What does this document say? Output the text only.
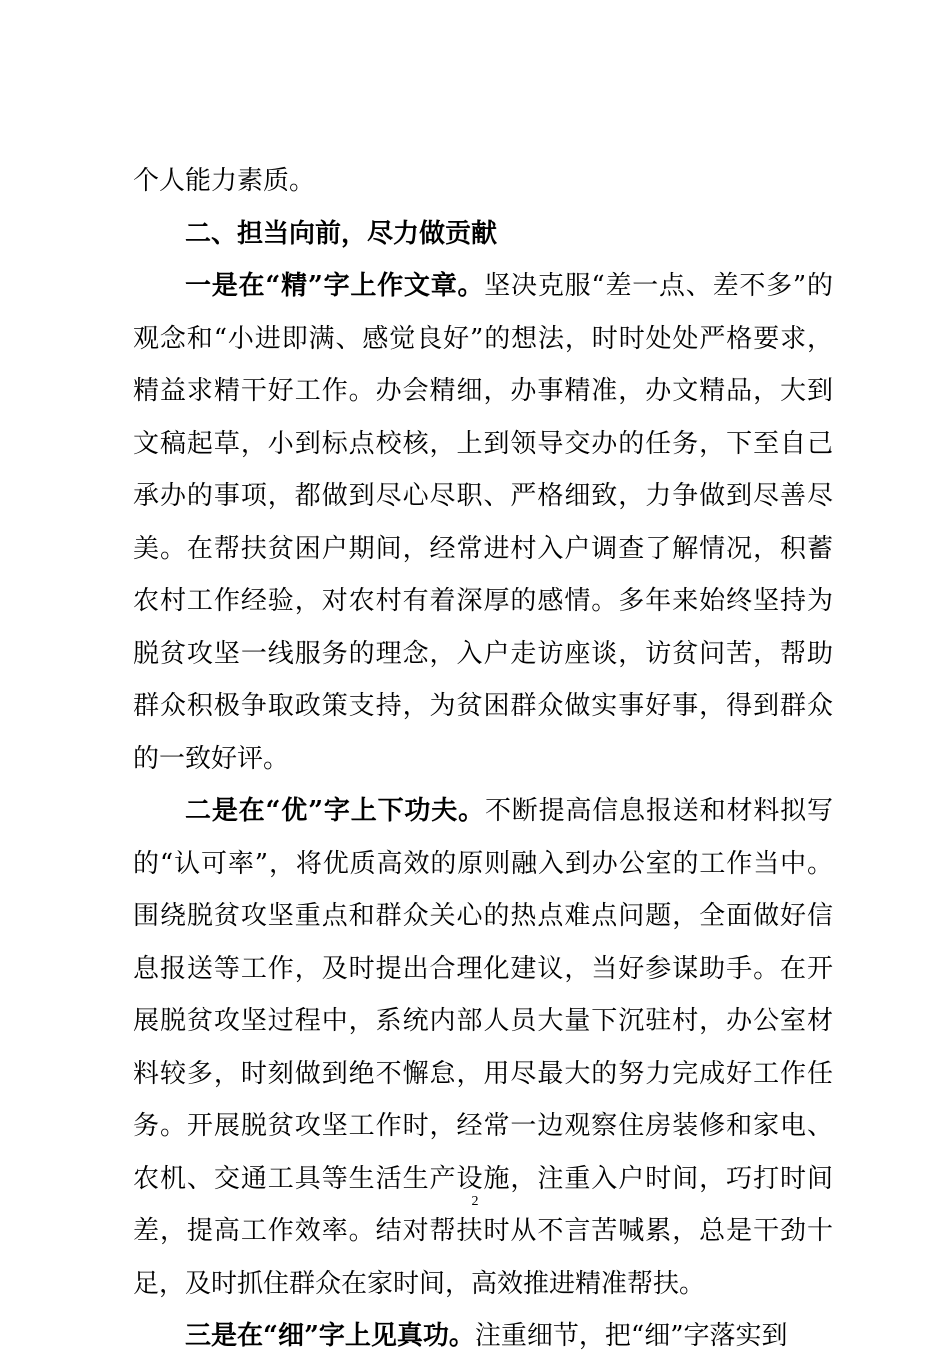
个人能力素质。

二、担当向前，尽力做贡献

一是在“精”字上作文章。坚决克服“差一点、差不多”的观念和“小进即满、感觉良好”的想法，时时处处严格要求，精益求精干好工作。办会精细，办事精准，办文精品，大到文稿起草，小到标点校核，上到领导交办的任务，下至自己承办的事项，都做到尽心尽职、严格细致，力争做到尽善尽美。在帮扶贫困户期间，经常进村入户调查了解情况，积蓄农村工作经验，对农村有着深厚的感情。多年来始终坚持为脱贫攻坚一线服务的理念，入户走访座谈，访贫问苦，帮助群众积极争取政策支持，为贫困群众做实事好事，得到群众的一致好评。

二是在“优”字上下功夫。不断提高信息报送和材料拟写的“认可率”，将优质高效的原则融入到办公室的工作当中。围绕脱贫攻坚重点和群众关心的热点难点问题，全面做好信息报送等工作，及时提出合理化建议，当好参谋助手。在开展脱贫攻坚过程中，系统内部人员大量下沉驻村，办公室材料较多，时刻做到绝不懈怠，用尽最大的努力完成好工作任务。开展脱贫攻坚工作时，经常一边观察住房装修和家电、农机、交通工具等生活生产设施，注重入户时间，巧打时间差，提高工作效率。结对帮扶时从不言苦喊累，总是干劲十足，及时抓住群众在家时间，高效推进精准帮扶。

三是在“细”字上见真功。注重细节，把“细”字落实到

2
